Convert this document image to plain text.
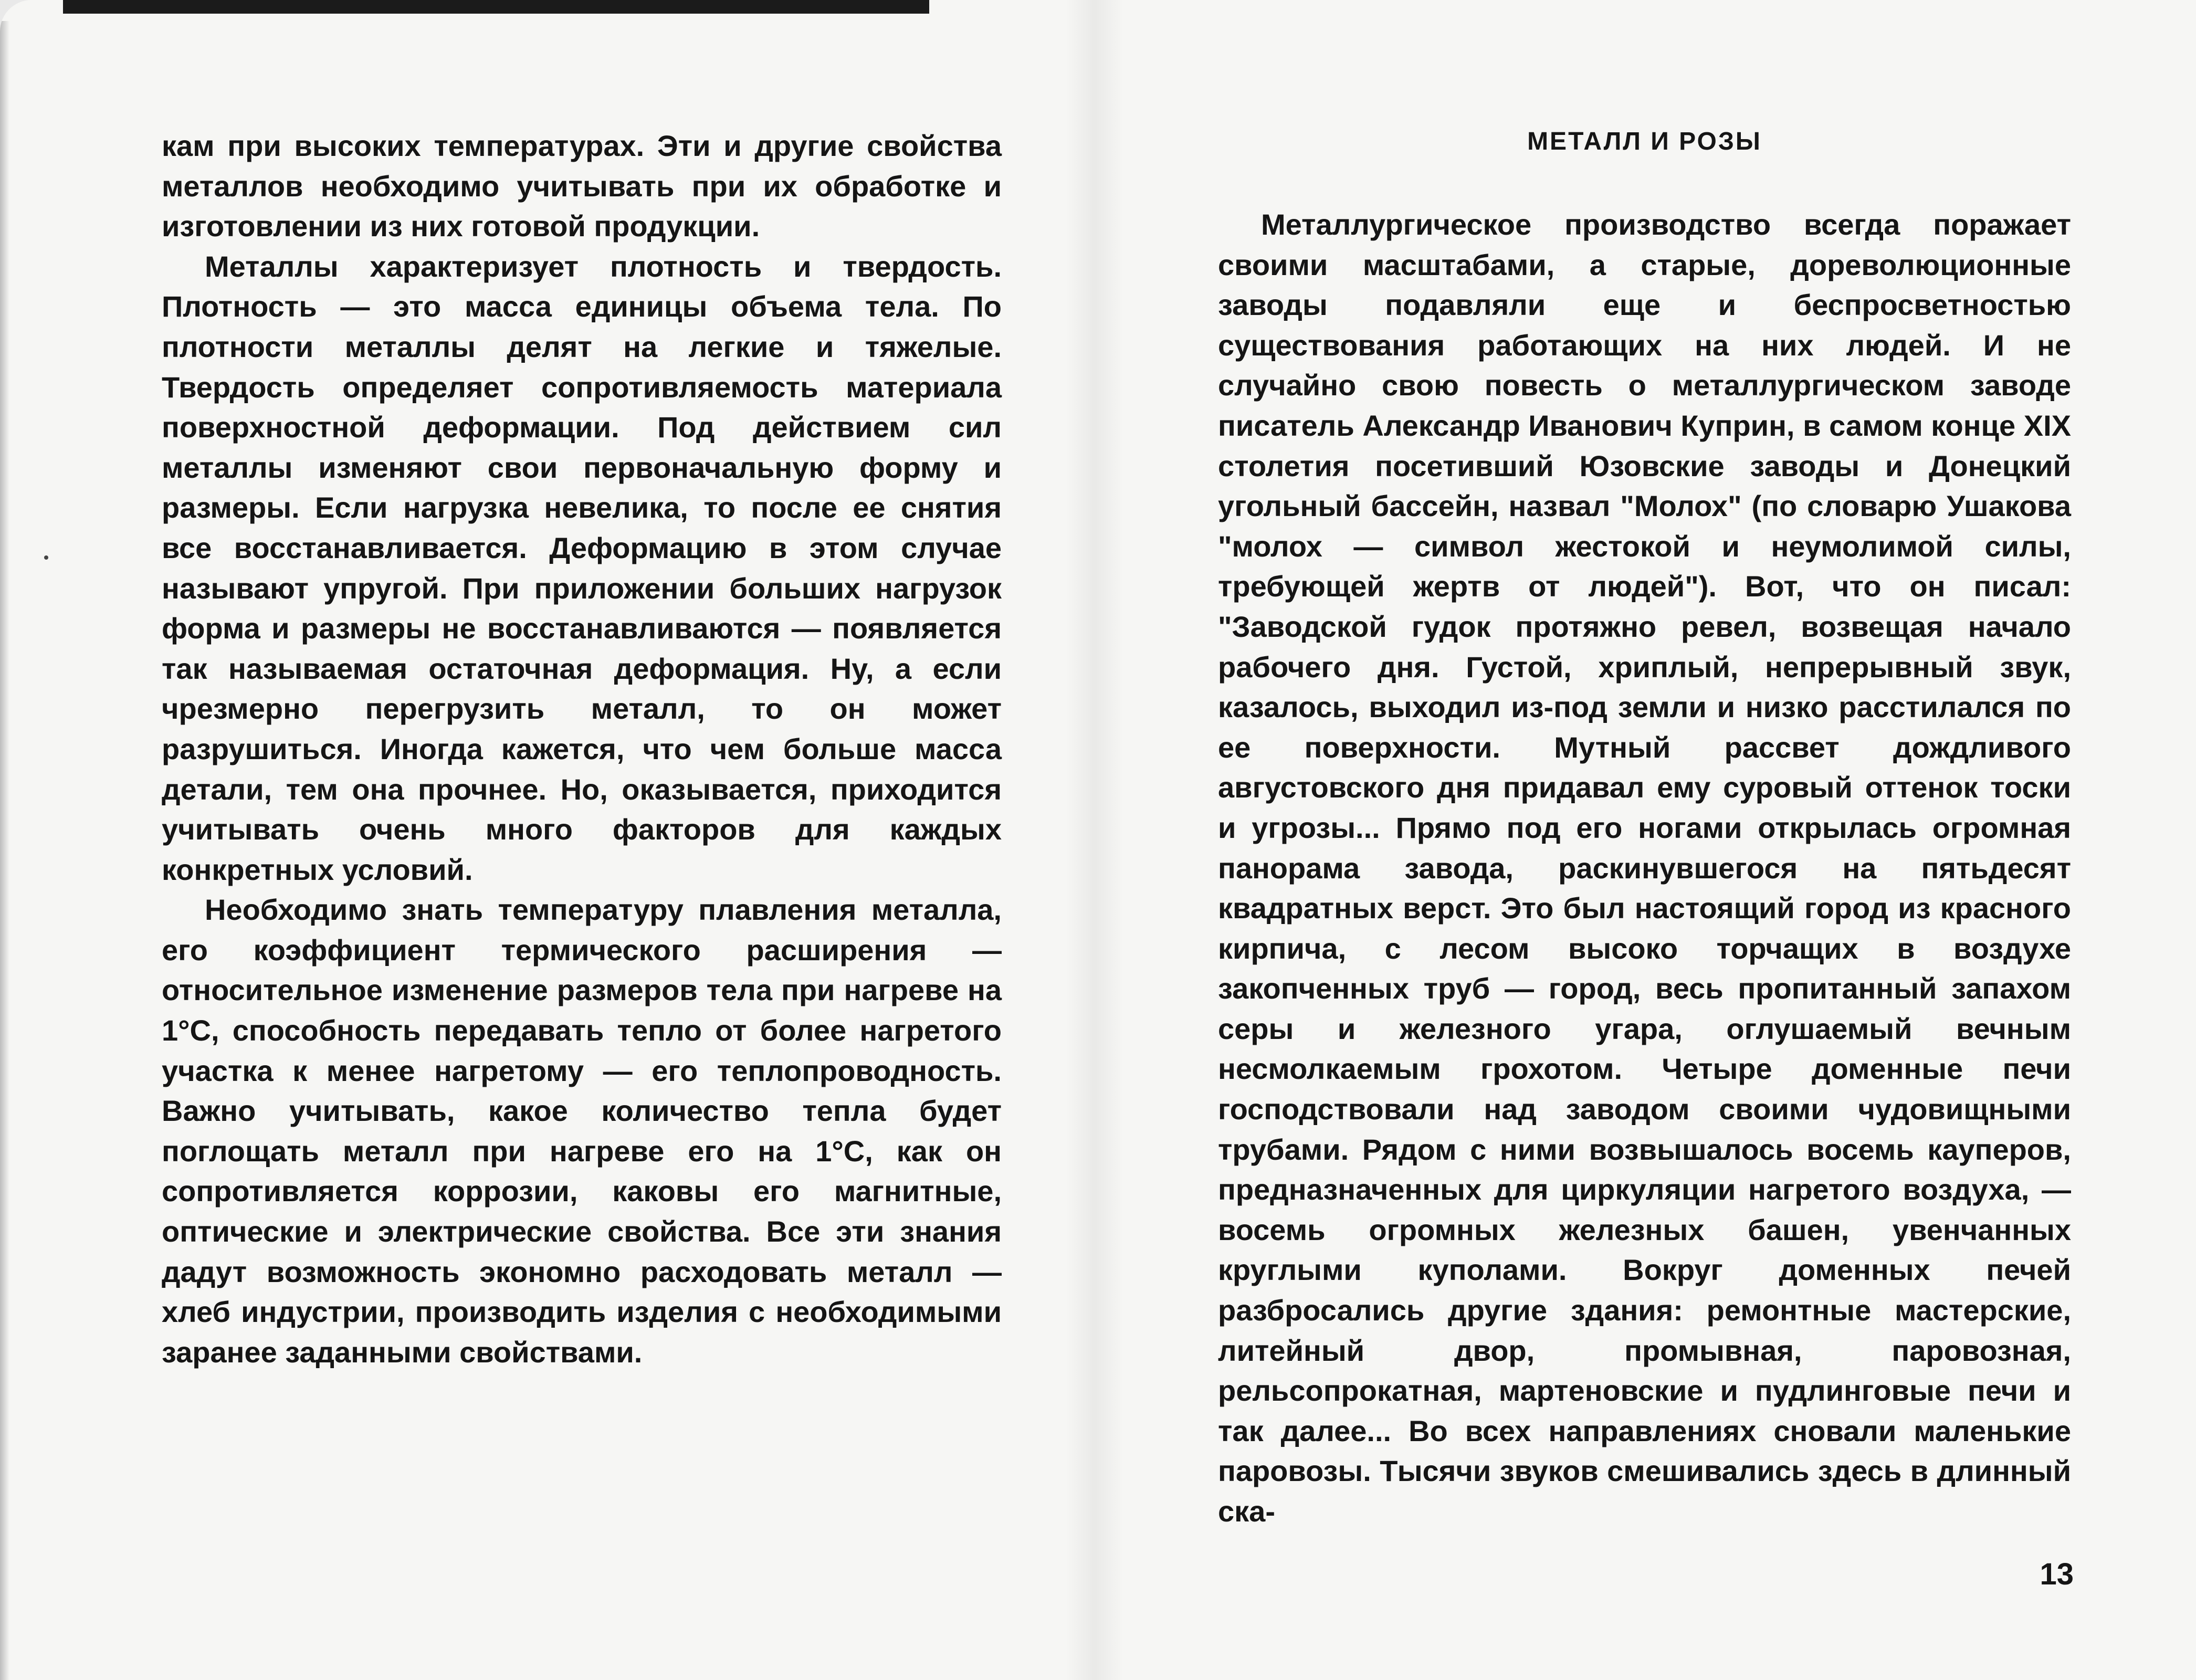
кам при высоких температурах. Эти и другие свойства металлов необходимо учитывать при их обработке и изготовлении из них готовой продукции.

Металлы характеризует плотность и твердость. Плотность — это масса единицы объема тела. По плотности металлы делят на легкие и тяжелые. Твердость определяет сопротивляемость материала поверхностной деформации. Под действием сил металлы изменяют свои первоначальную форму и размеры. Если нагрузка невелика, то после ее снятия все восстанавливается. Деформацию в этом случае называют упругой. При приложении больших нагрузок форма и размеры не восстанавливаются — появляется так называемая остаточная деформация. Ну, а если чрезмерно перегрузить металл, то он может разрушиться. Иногда кажется, что чем больше масса детали, тем она прочнее. Но, оказывается, приходится учитывать очень много факторов для каждых конкретных условий.

Необходимо знать температуру плавления металла, его коэффициент термического расширения — относительное изменение размеров тела при нагреве на 1°С, способность передавать тепло от более нагретого участка к менее нагретому — его теплопроводность. Важно учитывать, какое количество тепла будет поглощать металл при нагреве его на 1°С, как он сопротивляется коррозии, каковы его магнитные, оптические и электрические свойства. Все эти знания дадут возможность экономно расходовать металл — хлеб индустрии, производить изделия с необходимыми заранее заданными свойствами.

МЕТАЛЛ И РОЗЫ

Металлургическое производство всегда поражает своими масштабами, а старые, дореволюционные заводы подавляли еще и беспросветностью существования работающих на них людей. И не случайно свою повесть о металлургическом заводе писатель Александр Иванович Куприн, в самом конце XIX столетия посетивший Юзовские заводы и Донецкий угольный бассейн, назвал "Молох" (по словарю Ушакова "молох — символ жестокой и неумолимой силы, требующей жертв от людей"). Вот, что он писал: "Заводской гудок протяжно ревел, возвещая начало рабочего дня. Густой, хриплый, непрерывный звук, казалось, выходил из-под земли и низко расстилался по ее поверхности. Мутный рассвет дождливого августовского дня придавал ему суровый оттенок тоски и угрозы... Прямо под его ногами открылась огромная панорама завода, раскинувшегося на пятьдесят квадратных верст. Это был настоящий город из красного кирпича, с лесом высоко торчащих в воздухе закопченных труб — город, весь пропитанный запахом серы и железного угара, оглушаемый вечным несмолкаемым грохотом. Четыре доменные печи господствовали над заводом своими чудовищными трубами. Рядом с ними возвышалось восемь кауперов, предназначенных для циркуляции нагретого воздуха, — восемь огромных железных башен, увенчанных круглыми куполами. Вокруг доменных печей разбросались другие здания: ремонтные мастерские, литейный двор, промывная, паровозная, рельсопрокатная, мартеновские и пудлинговые печи и так далее... Во всех направлениях сновали маленькие паровозы. Тысячи звуков смешивались здесь в длинный ска-

13
